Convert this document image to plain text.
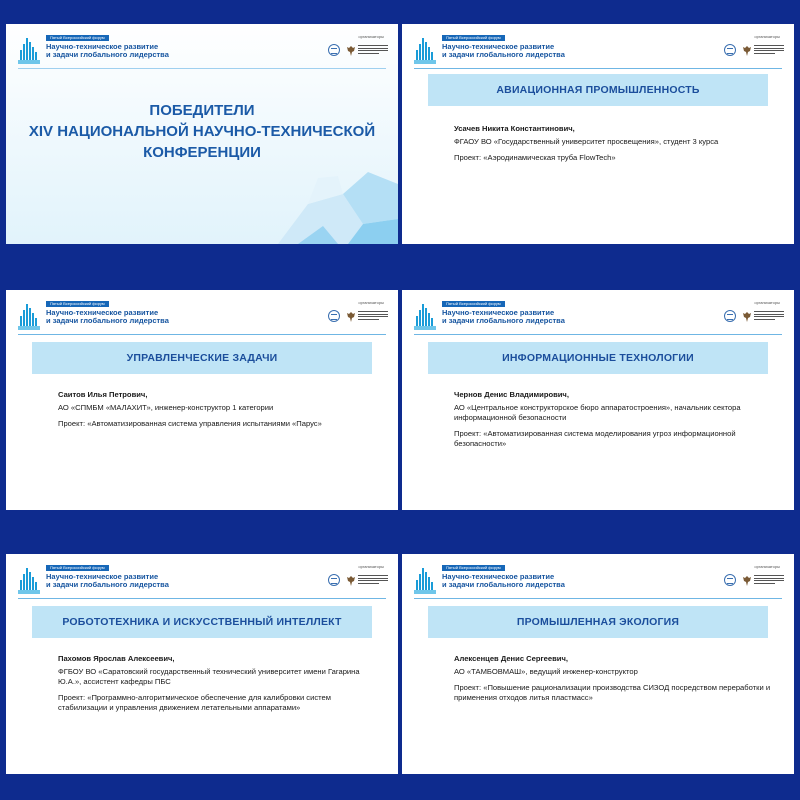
Пятый Всероссийский форум
Научно-техническое развитие
и задачи глобального лидерства
организаторы
ПОБЕДИТЕЛИ
XIV НАЦИОНАЛЬНОЙ НАУЧНО-ТЕХНИЧЕСКОЙ
КОНФЕРЕНЦИИ
Пятый Всероссийский форум
Научно-техническое развитие
и задачи глобального лидерства
организаторы
АВИАЦИОННАЯ ПРОМЫШЛЕННОСТЬ
Усачев Никита Константинович,
ФГАОУ ВО «Государственный университет просвещения», студент 3 курса
Проект: «Аэродинамическая труба FlowTech»
Пятый Всероссийский форум
Научно-техническое развитие
и задачи глобального лидерства
организаторы
УПРАВЛЕНЧЕСКИЕ ЗАДАЧИ
Саитов Илья Петрович,
АО «СПМБМ «МАЛАХИТ», инженер-конструктор 1 категории
Проект: «Автоматизированная система управления испытаниями «Парус»
Пятый Всероссийский форум
Научно-техническое развитие
и задачи глобального лидерства
организаторы
ИНФОРМАЦИОННЫЕ ТЕХНОЛОГИИ
Чернов Денис Владимирович,
АО «Центральное конструкторское бюро аппаратостроения», начальник сектора информационной безопасности
Проект: «Автоматизированная система моделирования угроз информационной безопасности»
Пятый Всероссийский форум
Научно-техническое развитие
и задачи глобального лидерства
организаторы
РОБОТОТЕХНИКА И ИСКУССТВЕННЫЙ ИНТЕЛЛЕКТ
Пахомов Ярослав Алексеевич,
ФГБОУ ВО «Саратовский государственный технический университет имени Гагарина Ю.А.», ассистент кафедры ПБС
Проект: «Программно-алгоритмическое обеспечение для калибровки систем стабилизации и управления движением летательными аппаратами»
Пятый Всероссийский форум
Научно-техническое развитие
и задачи глобального лидерства
организаторы
ПРОМЫШЛЕННАЯ ЭКОЛОГИЯ
Алексенцев Денис Сергеевич,
АО «ТАМБОВМАШ», ведущий инженер-конструктор
Проект: «Повышение рационализации производства СИЗОД посредством переработки и применения отходов литья пластмасс»
